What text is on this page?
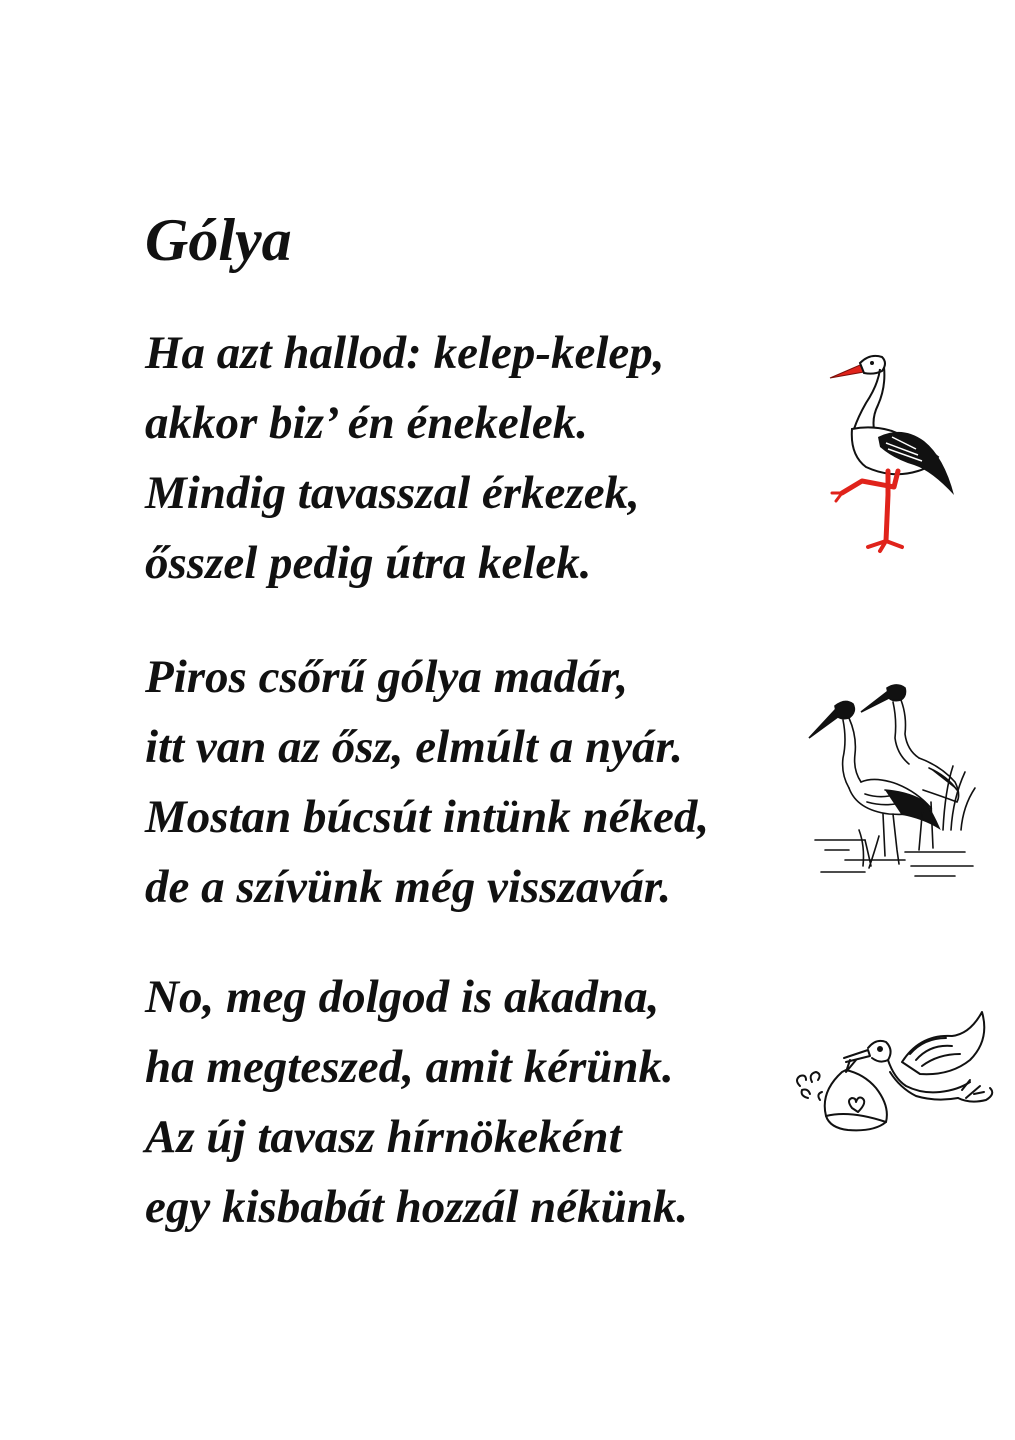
Gólya
Ha azt hallod: kelep-kelep,
akkor biz’ én énekelek.
Mindig tavasszal érkezek,
ősszel pedig útra kelek.
Piros csőrű gólya madár,
itt van az ősz, elmúlt a nyár.
Mostan búcsút intünk néked,
de a szívünk még visszavár.
No, meg dolgod is akadna,
ha megteszed, amit kérünk.
Az új tavasz hírnökeként
egy kisbabát hozzál nékünk.
